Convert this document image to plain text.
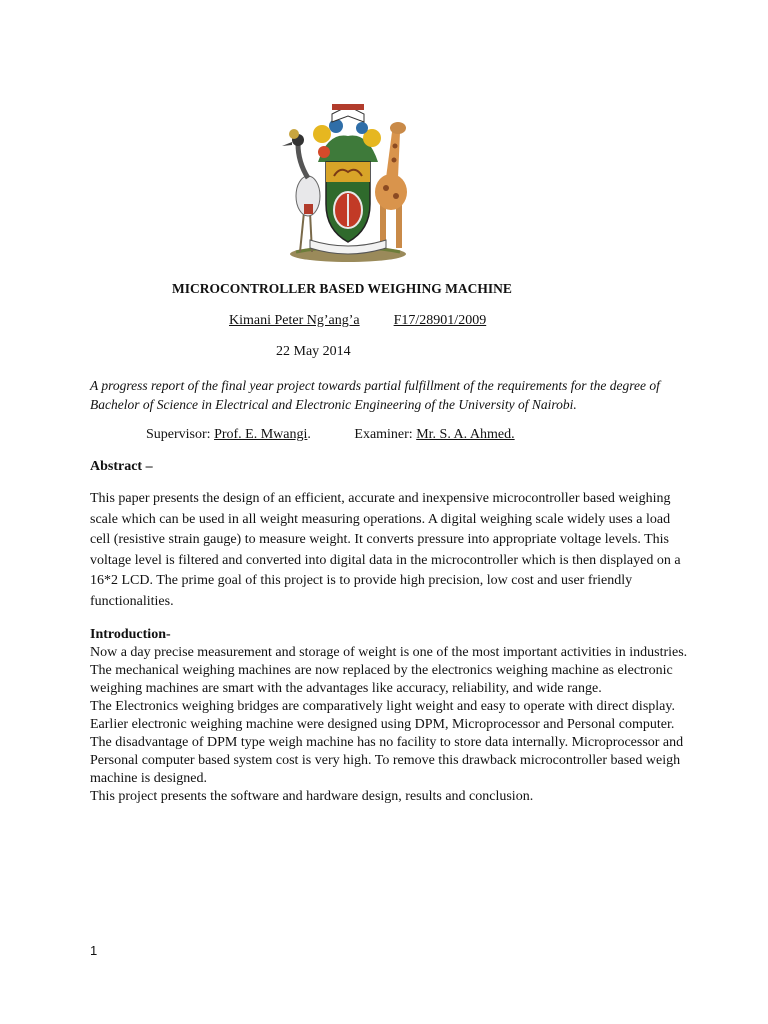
MICROCONTROLLER BASED WEIGHING MACHINE
Kimani Peter Ng’ang’a F17/28901/2009
22 May 2014
A progress report of the final year project towards partial fulfillment of the requirements for the degree of Bachelor of Science in Electrical and Electronic Engineering of the University of Nairobi.
Supervisor: Prof. E. Mwangi.	Examiner: Mr. S. A. Ahmed.
Abstract –
This paper presents the design of an efficient, accurate and inexpensive microcontroller based weighing scale which can be used in all weight measuring operations. A digital weighing scale widely uses a load cell (resistive strain gauge) to measure weight. It converts pressure into appropriate voltage levels. This voltage level is filtered and converted into digital data in the microcontroller which is then displayed on a 16*2 LCD. The prime goal of this project is to provide high precision, low cost and user friendly functionalities.
Introduction-

Now a day precise measurement and storage of weight is one of the most important activities in industries. The mechanical weighing machines are now replaced by the electronics weighing machine as electronic weighing machines are smart with the advantages like accuracy, reliability, and wide range.

The Electronics weighing bridges are comparatively light weight and easy to operate with direct display. Earlier electronic weighing machine were designed using DPM, Microprocessor and Personal computer. The disadvantage of DPM type weigh machine has no facility to store data internally. Microprocessor and Personal computer based system cost is very high. To remove this drawback microcontroller based weigh machine is designed.

This project presents the software and hardware design, results and conclusion.

1
